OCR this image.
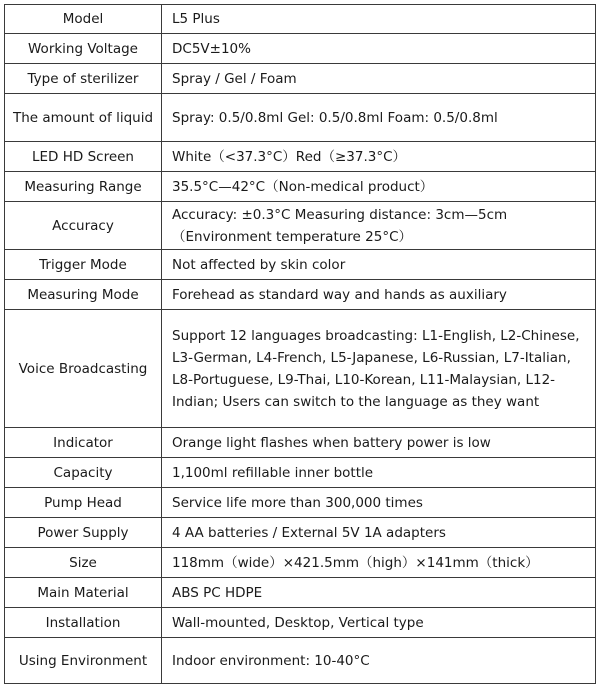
Model	L5 Plus
Working Voltage	DC5V±10%
Type of sterilizer	Spray / Gel / Foam
The amount of liquid	Spray: 0.5/0.8ml Gel: 0.5/0.8ml Foam: 0.5/0.8ml
LED HD Screen	White（<37.3°C）Red（≥37.3°C）
Measuring Range	35.5°C—42°C（Non-medical product）
Accuracy	Accuracy: ±0.3°C Measuring distance: 3cm—5cm（Environment temperature 25°C）
Trigger Mode	Not affected by skin color
Measuring Mode	Forehead as standard way and hands as auxiliary
Voice Broadcasting	Support 12 languages broadcasting: L1-English, L2-Chinese, L3-German, L4-French, L5-Japanese, L6-Russian, L7-Italian, L8-Portuguese, L9-Thai, L10-Korean, L11-Malaysian, L12-Indian; Users can switch to the language as they want
Indicator	Orange light flashes when battery power is low
Capacity	1,100ml refillable inner bottle
Pump Head	Service life more than 300,000 times
Power Supply	4 AA batteries / External 5V 1A adapters
Size	118mm（wide）×421.5mm（high）×141mm（thick）
Main Material	ABS PC HDPE
Installation	Wall-mounted, Desktop, Vertical type
Using Environment	Indoor environment: 10-40°C
